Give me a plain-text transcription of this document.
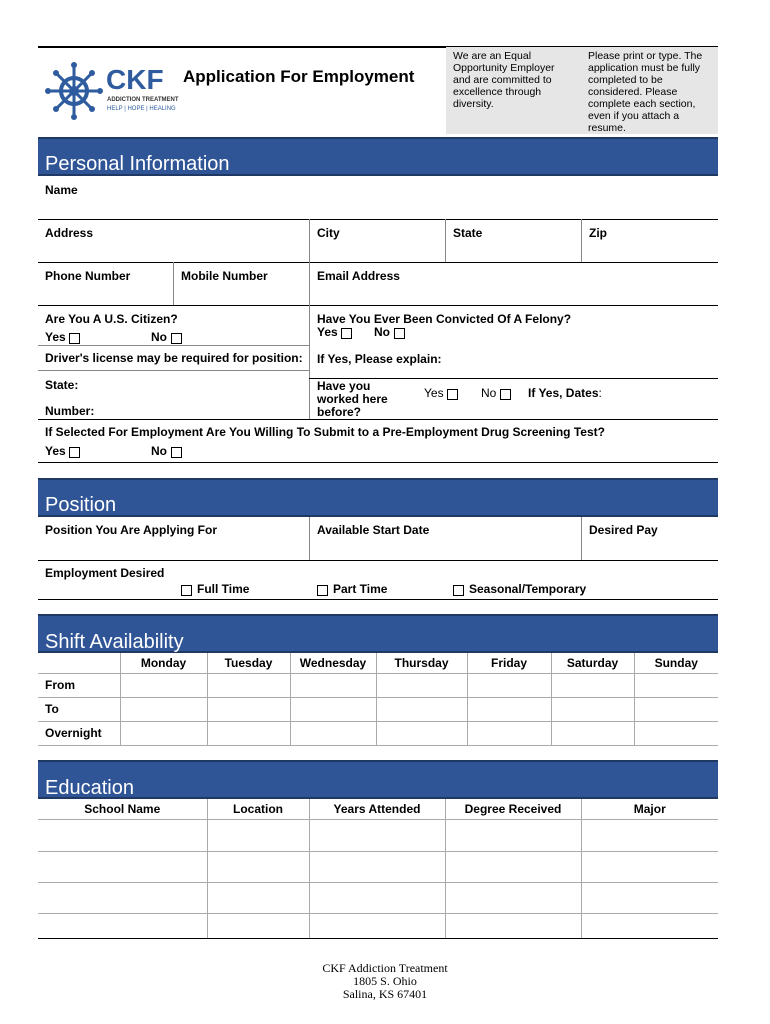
CKF
ADDICTION TREATMENT
HELP | HOPE | HEALING
Application For Employment
We are an Equal Opportunity Employer and are committed to excellence through diversity.
Please print or type. The application must be fully completed to be considered. Please complete each section, even if you attach a resume.
Personal Information
Name
Address	City	State	Zip
Phone Number	Mobile Number	Email Address
Are You A U.S. Citizen?
Yes	No
Have You Ever Been Convicted Of A Felony?
Yes	No
Driver's license may be required for position: If Yes, Please explain:
State:
Number:
Have you worked here before?
Yes	No	If Yes, Dates:
If Selected For Employment Are You Willing To Submit to a Pre-Employment Drug Screening Test?
Yes	No
Position
Position You Are Applying For	Available Start Date	Desired Pay
Employment Desired
Full Time	Part Time	Seasonal/Temporary
Shift Availability
	Monday	Tuesday	Wednesday	Thursday	Friday	Saturday	Sunday
From							
To							
Overnight							
Education
School Name	Location	Years Attended	Degree Received	Major

CKF Addiction Treatment
1805 S. Ohio
Salina, KS 67401
